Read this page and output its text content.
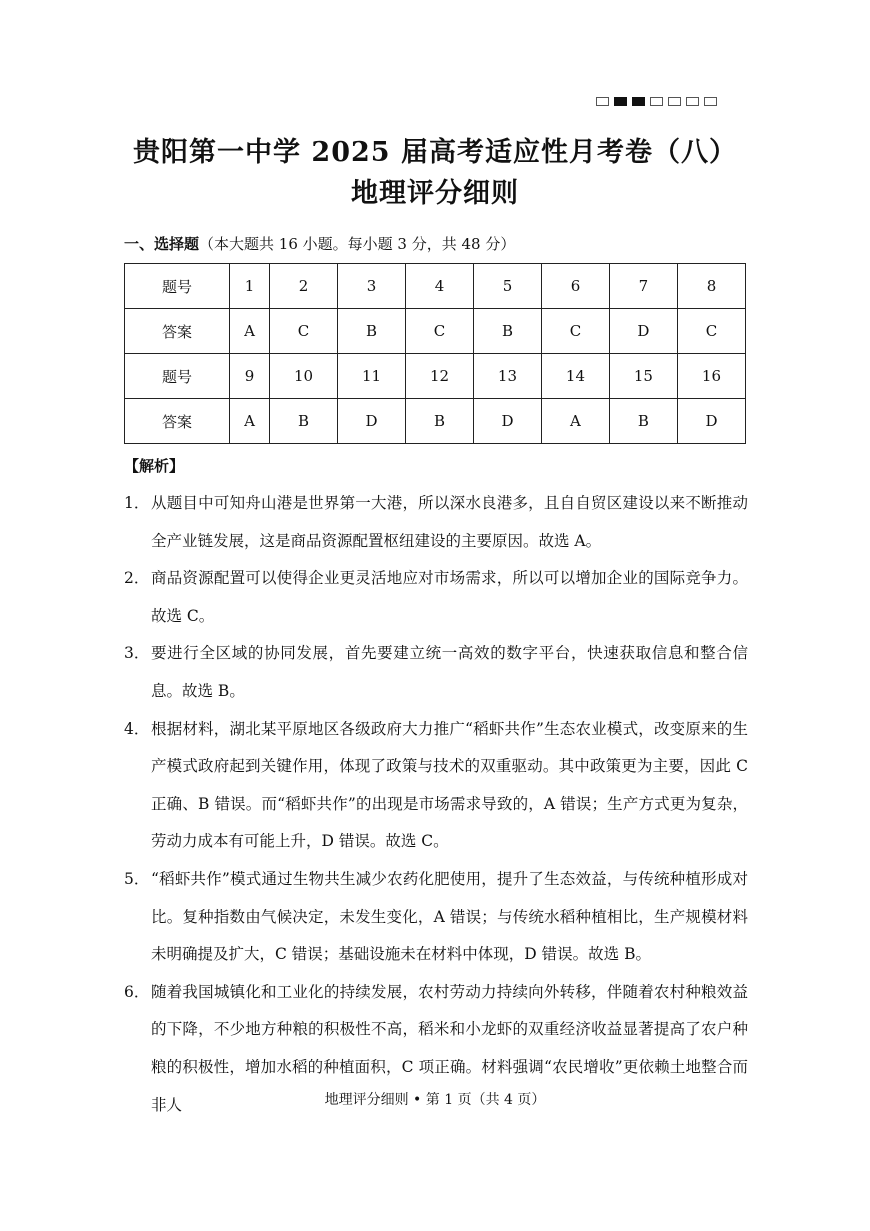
贵阳第一中学 2025 届高考适应性月考卷（八）
地理评分细则
一、选择题（本大题共 16 小题。每小题 3 分，共 48 分）
题号	1	2	3	4	5	6	7	8
答案	A	C	B	C	B	C	D	C
题号	9	10	11	12	13	14	15	16
答案	A	B	D	B	D	A	B	D
【解析】
1． 从题目中可知舟山港是世界第一大港，所以深水良港多，且自自贸区建设以来不断推动全产业链发展，这是商品资源配置枢纽建设的主要原因。故选 A。
2． 商品资源配置可以使得企业更灵活地应对市场需求，所以可以增加企业的国际竞争力。故选 C。
3． 要进行全区域的协同发展，首先要建立统一高效的数字平台，快速获取信息和整合信息。故选 B。
4． 根据材料，湖北某平原地区各级政府大力推广“稻虾共作”生态农业模式，改变原来的生产模式政府起到关键作用，体现了政策与技术的双重驱动。其中政策更为主要，因此 C 正确、B 错误。而“稻虾共作”的出现是市场需求导致的，A 错误；生产方式更为复杂，劳动力成本有可能上升，D 错误。故选 C。
5． “稻虾共作”模式通过生物共生减少农药化肥使用，提升了生态效益，与传统种植形成对比。复种指数由气候决定，未发生变化，A 错误；与传统水稻种植相比，生产规模材料未明确提及扩大，C 错误；基础设施未在材料中体现，D 错误。故选 B。
6． 随着我国城镇化和工业化的持续发展，农村劳动力持续向外转移，伴随着农村种粮效益的下降，不少地方种粮的积极性不高，稻米和小龙虾的双重经济收益显著提高了农户种粮的积极性，增加水稻的种植面积，C 项正确。材料强调“农民增收”更依赖土地整合而非人	地理评分细则 • 第 1 页（共 4 页）
